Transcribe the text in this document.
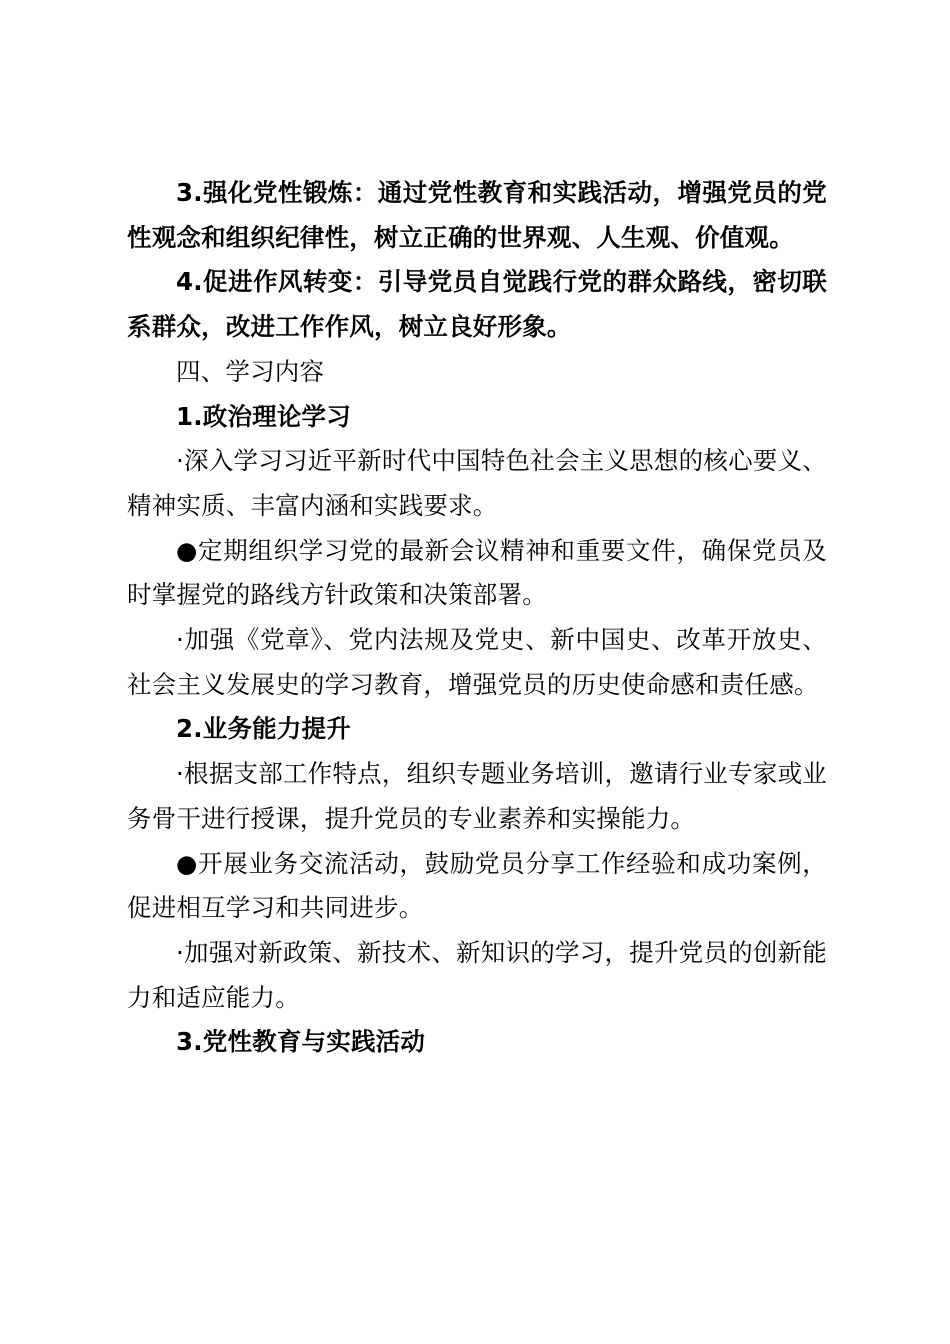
3.强化党性锻炼：通过党性教育和实践活动，增强党员的党性观念和组织纪律性，树立正确的世界观、人生观、价值观。

4.促进作风转变：引导党员自觉践行党的群众路线，密切联系群众，改进工作作风，树立良好形象。

四、学习内容

1.政治理论学习

·深入学习习近平新时代中国特色社会主义思想的核心要义、精神实质、丰富内涵和实践要求。

●定期组织学习党的最新会议精神和重要文件，确保党员及时掌握党的路线方针政策和决策部署。

·加强《党章》、党内法规及党史、新中国史、改革开放史、社会主义发展史的学习教育，增强党员的历史使命感和责任感。

2.业务能力提升

·根据支部工作特点，组织专题业务培训，邀请行业专家或业务骨干进行授课，提升党员的专业素养和实操能力。

●开展业务交流活动，鼓励党员分享工作经验和成功案例，促进相互学习和共同进步。

·加强对新政策、新技术、新知识的学习，提升党员的创新能力和适应能力。

3.党性教育与实践活动
